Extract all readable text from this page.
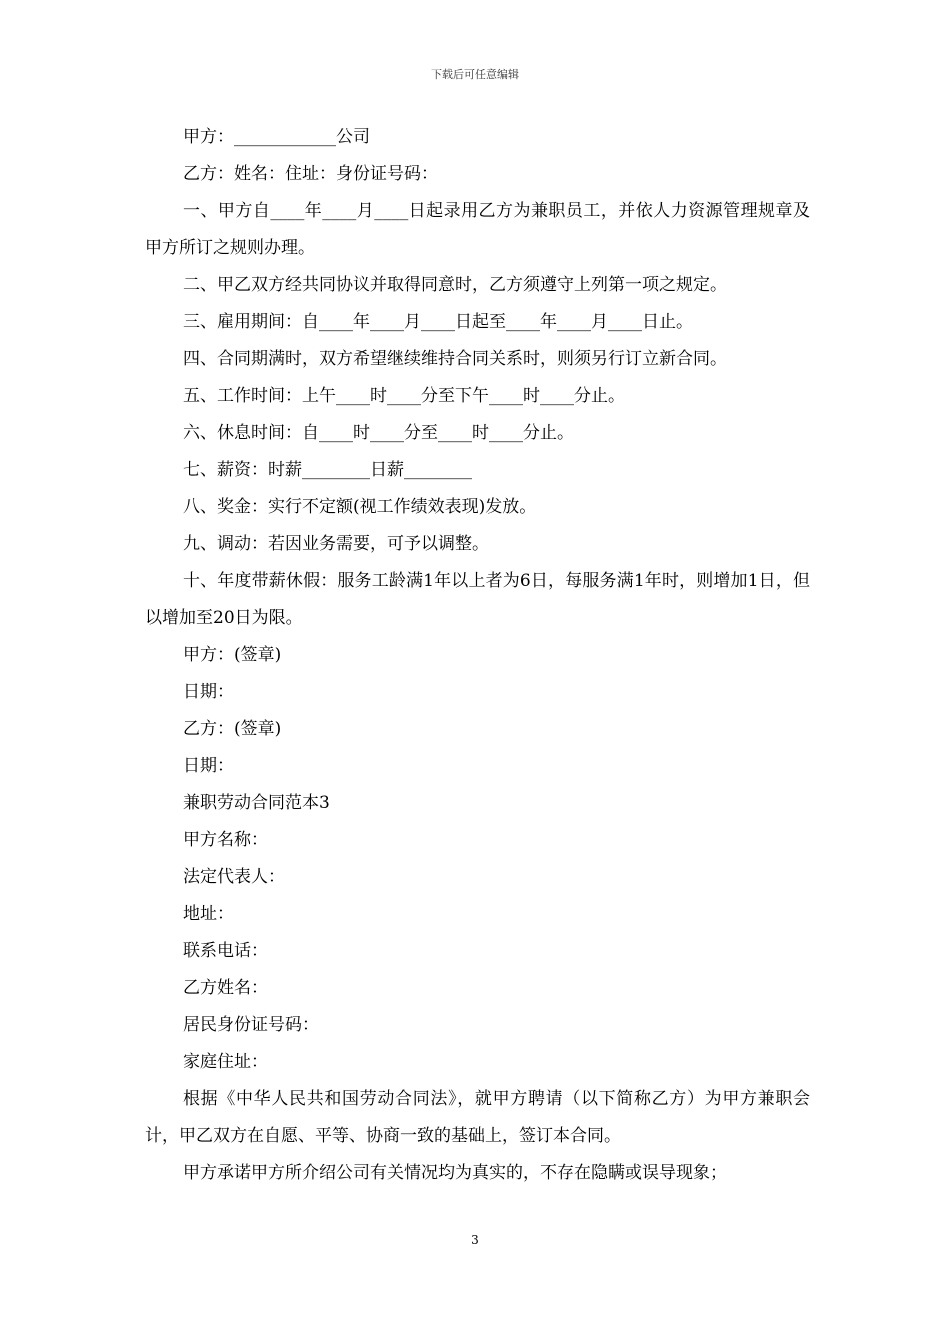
下载后可任意编辑

甲方：____________公司

乙方：姓名：住址：身份证号码：

一、甲方自____年____月____日起录用乙方为兼职员工，并依人力资源管理规章及甲方所订之规则办理。

二、甲乙双方经共同协议并取得同意时，乙方须遵守上列第一项之规定。

三、雇用期间：自____年____月____日起至____年____月____日止。

四、合同期满时，双方希望继续维持合同关系时，则须另行订立新合同。

五、工作时间：上午____时____分至下午____时____分止。

六、休息时间：自____时____分至____时____分止。

七、薪资：时薪________日薪________

八、奖金：实行不定额(视工作绩效表现)发放。

九、调动：若因业务需要，可予以调整。

十、年度带薪休假：服务工龄满1年以上者为6日，每服务满1年时，则增加1日，但以增加至20日为限。

甲方：(签章)

日期：

乙方：(签章)

日期：

兼职劳动合同范本3

甲方名称：

法定代表人：

地址：

联系电话：

乙方姓名：

居民身份证号码：

家庭住址：

根据《中华人民共和国劳动合同法》，就甲方聘请（以下简称乙方）为甲方兼职会计，甲乙双方在自愿、平等、协商一致的基础上，签订本合同。

甲方承诺甲方所介绍公司有关情况均为真实的，不存在隐瞒或误导现象；

3
